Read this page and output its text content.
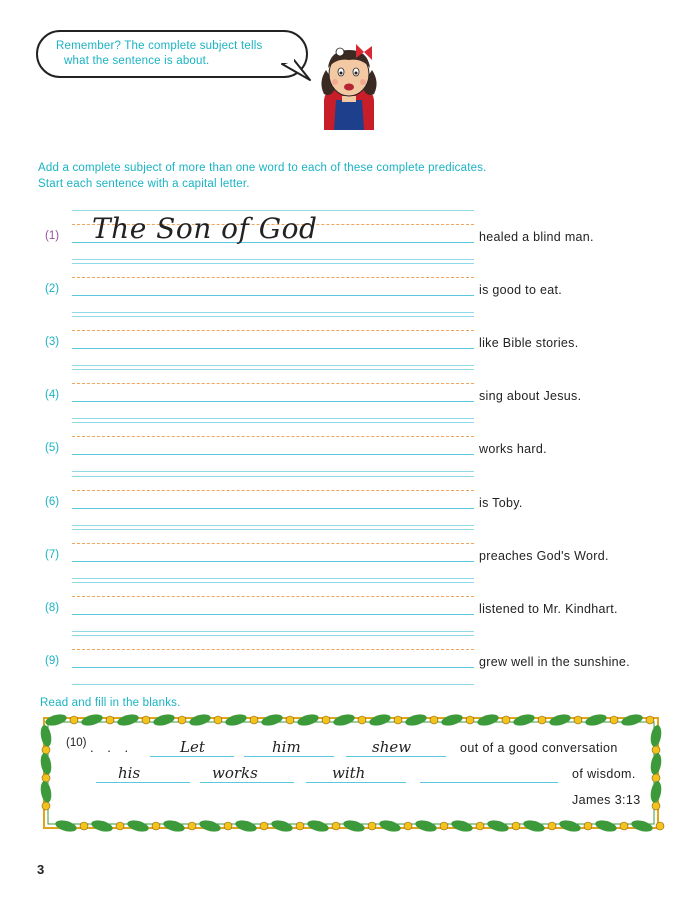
Remember? The complete subject tells
what the sentence is about.
Add a complete subject of more than one word to each of these complete predicates.
Start each sentence with a capital letter.
(1)	The Son of God	healed a blind man.
(2)	is good to eat.
(3)	like Bible stories.
(4)	sing about Jesus.
(5)	works hard.
(6)	is Toby.
(7)	preaches God's Word.
(8)	listened to Mr. Kindhart.
(9)	grew well in the sunshine.
Read and fill in the blanks.
(10) . . .	Let	him	shew	out of a good conversation
his	works	with	of wisdom.
James 3:13
3
